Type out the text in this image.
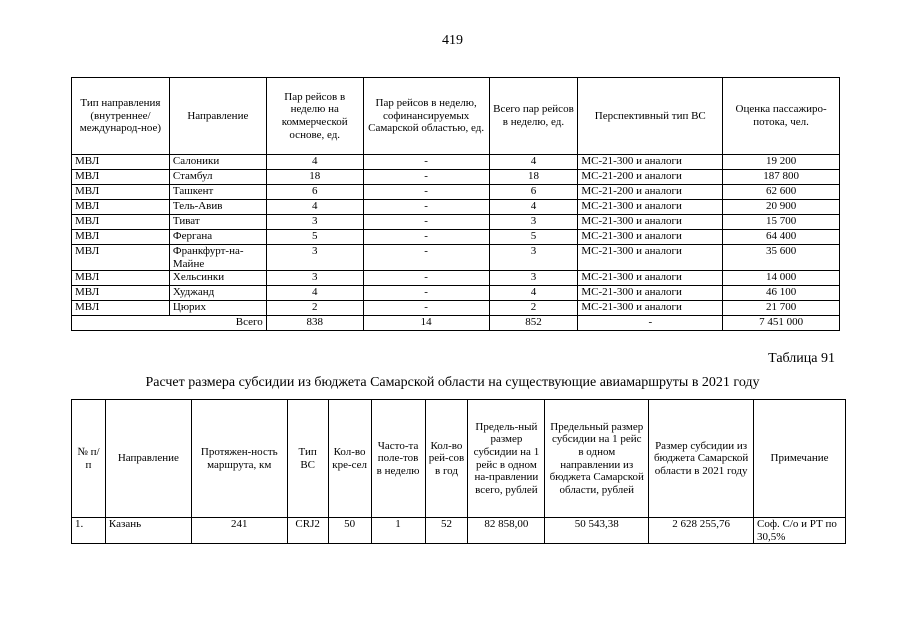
419
Тип направления (внутреннее/ международ-ное)	Направление	Пар рейсов в неделю на коммерческой основе, ед.	Пар рейсов в неделю, софинансируемых Самарской областью, ед.	Всего пар рейсов в неделю, ед.	Перспективный тип ВС	Оценка пассажиро-потока, чел.
МВЛ	Салоники	4	-	4	МС-21-300 и аналоги	19 200
МВЛ	Стамбул	18	-	18	МС-21-200 и аналоги	187 800
МВЛ	Ташкент	6	-	6	МС-21-200 и аналоги	62 600
МВЛ	Тель-Авив	4	-	4	МС-21-300 и аналоги	20 900
МВЛ	Тиват	3	-	3	МС-21-300 и аналоги	15 700
МВЛ	Фергана	5	-	5	МС-21-300 и аналоги	64 400
МВЛ	Франкфурт-на-Майне	3	-	3	МС-21-300 и аналоги	35 600
МВЛ	Хельсинки	3	-	3	МС-21-300 и аналоги	14 000
МВЛ	Худжанд	4	-	4	МС-21-300 и аналоги	46 100
МВЛ	Цюрих	2	-	2	МС-21-300 и аналоги	21 700
Всего		838	14	852	-	7 451 000
Таблица 91
Расчет размера субсидии из бюджета Самарской области на существующие авиамаршруты в 2021 году
№ п/п	Направление	Протяжен-ность маршрута, км	Тип ВС	Кол-во кре-сел	Часто-та поле-тов в неделю	Кол-во рей-сов в год	Предель-ный размер субсидии на 1 рейс в одном на-правлении всего, рублей	Предельный размер субсидии на 1 рейс в одном направлении из бюджета Самарской области, рублей	Размер субсидии из бюджета Самарской области в 2021 году	Примечание
1.	Казань	241	CRJ2	50	1	52	82 858,00	50 543,38	2 628 255,76	Соф. С/о и РТ по 30,5%
